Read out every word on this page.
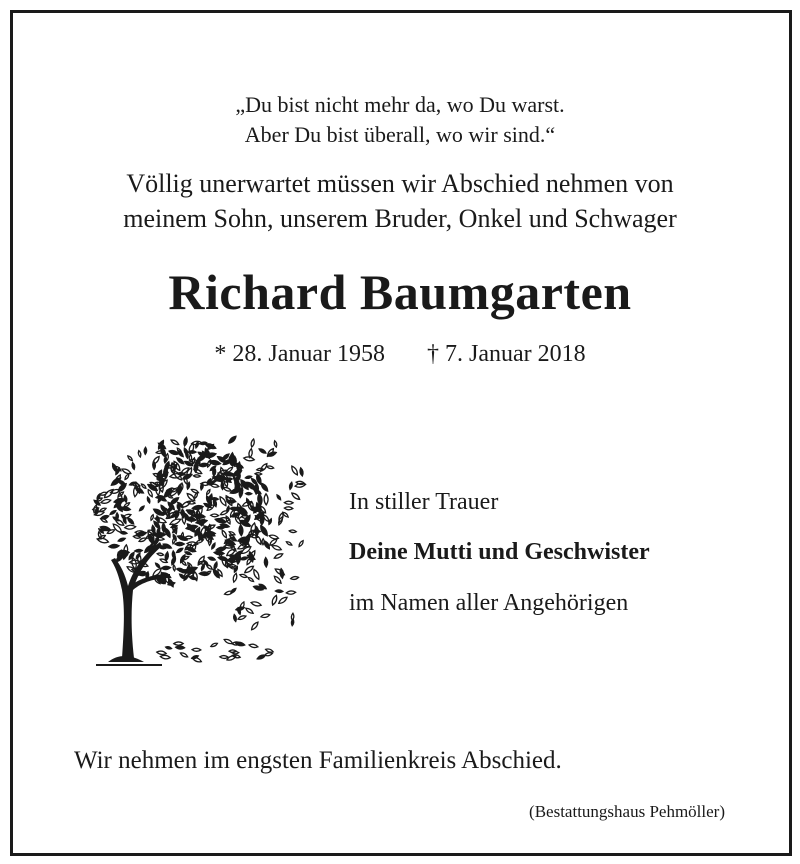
„Du bist nicht mehr da, wo Du warst.
Aber Du bist überall, wo wir sind.“
Völlig unerwartet müssen wir Abschied nehmen von
meinem Sohn, unserem Bruder, Onkel und Schwager
Richard Baumgarten
* 28. Januar 1958 † 7. Januar 2018
In stiller Trauer
Deine Mutti und Geschwister
im Namen aller Angehörigen
Wir nehmen im engsten Familienkreis Abschied.
(Bestattungshaus Pehmöller)
